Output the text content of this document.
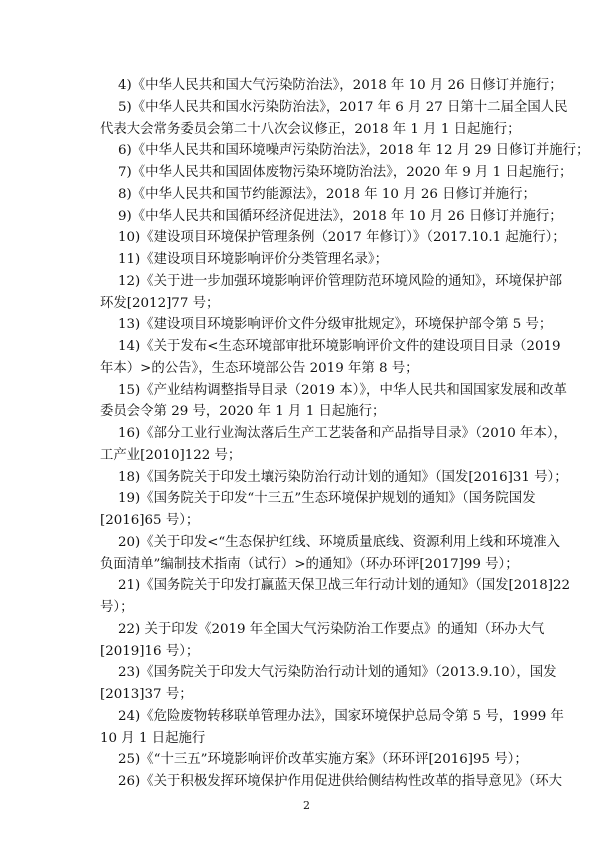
4)《中华人民共和国大气污染防治法》，2018 年 10 月 26 日修订并施行；
5)《中华人民共和国水污染防治法》，2017 年 6 月 27 日第十二届全国人民
代表大会常务委员会第二十八次会议修正，2018 年 1 月 1 日起施行；
6)《中华人民共和国环境噪声污染防治法》，2018 年 12 月 29 日修订并施行；
7)《中华人民共和国固体废物污染环境防治法》，2020 年 9 月 1 日起施行；
8)《中华人民共和国节约能源法》，2018 年 10 月 26 日修订并施行；
9)《中华人民共和国循环经济促进法》，2018 年 10 月 26 日修订并施行；
10)《建设项目环境保护管理条例（2017 年修订）》（2017.10.1 起施行）；
11)《建设项目环境影响评价分类管理名录》；
12)《关于进一步加强环境影响评价管理防范环境风险的通知》，环境保护部
环发[2012]77 号；
13)《建设项目环境影响评价文件分级审批规定》，环境保护部令第 5 号；
14)《关于发布<生态环境部审批环境影响评价文件的建设项目目录（2019
年本）>的公告》，生态环境部公告 2019 年第 8 号；
15)《产业结构调整指导目录（2019 本）》，中华人民共和国国家发展和改革
委员会令第 29 号，2020 年 1 月 1 日起施行；
16)《部分工业行业淘汰落后生产工艺装备和产品指导目录》（2010 年本），
工产业[2010]122 号；
18)《国务院关于印发土壤污染防治行动计划的通知》（国发[2016]31 号）；
19)《国务院关于印发“十三五”生态环境保护规划的通知》（国务院国发
[2016]65 号）；
20)《关于印发<“生态保护红线、环境质量底线、资源利用上线和环境准入
负面清单”编制技术指南（试行）>的通知》（环办环评[2017]99 号）；
21)《国务院关于印发打赢蓝天保卫战三年行动计划的通知》（国发[2018]22
号）；
22) 关于印发《2019 年全国大气污染防治工作要点》的通知（环办大气
[2019]16 号）；
23)《国务院关于印发大气污染防治行动计划的通知》（2013.9.10），国发
[2013]37 号；
24)《危险废物转移联单管理办法》，国家环境保护总局令第 5 号，1999 年
10 月 1 日起施行
25)《“十三五”环境影响评价改革实施方案》（环环评[2016]95 号）；
26)《关于积极发挥环境保护作用促进供给侧结构性改革的指导意见》（环大
2
